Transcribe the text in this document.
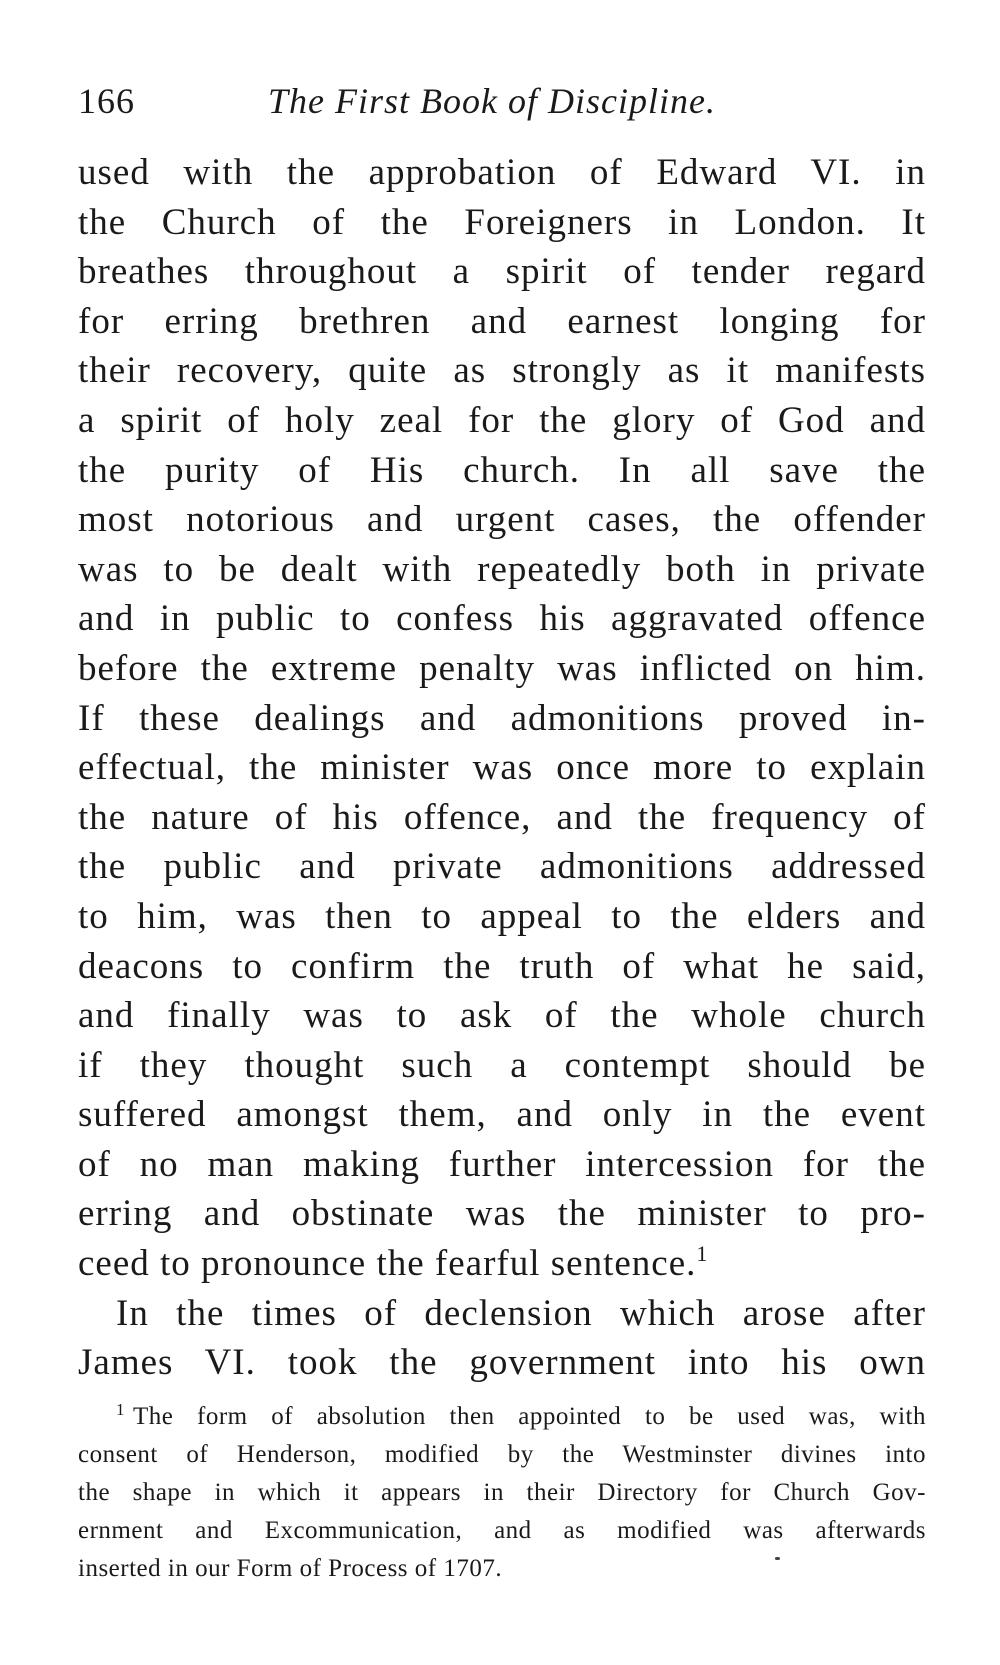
166	The First Book of Discipline.

used with the approbation of Edward VI. in
the Church of the Foreigners in London. It
breathes throughout a spirit of tender regard
for erring brethren and earnest longing for
their recovery, quite as strongly as it manifests
a spirit of holy zeal for the glory of God and
the purity of His church. In all save the
most notorious and urgent cases, the offender
was to be dealt with repeatedly both in private
and in public to confess his aggravated offence
before the extreme penalty was inflicted on him.
If these dealings and admonitions proved in-
effectual, the minister was once more to explain
the nature of his offence, and the frequency of
the public and private admonitions addressed
to him, was then to appeal to the elders and
deacons to confirm the truth of what he said,
and finally was to ask of the whole church
if they thought such a contempt should be
suffered amongst them, and only in the event
of no man making further intercession for the
erring and obstinate was the minister to pro-
ceed to pronounce the fearful sentence.$^1$

In the times of declension which arose after
James VI. took the government into his own

$^1$ The form of absolution then appointed to be used was, with
consent of Henderson, modified by the Westminster divines into
the shape in which it appears in their Directory for Church Gov-
ernment and Excommunication, and as modified was afterwards
inserted in our Form of Process of 1707.
